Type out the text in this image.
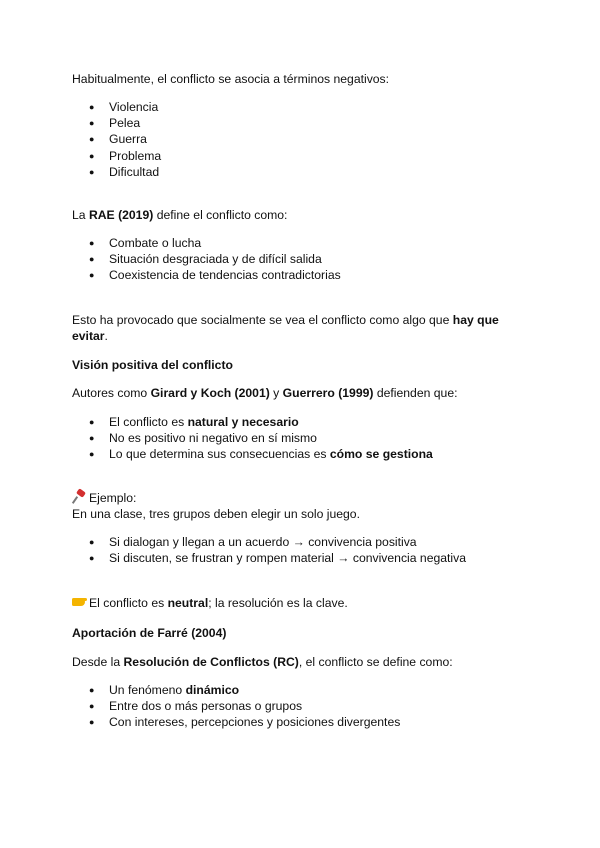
Habitualmente, el conflicto se asocia a términos negativos:

● Violencia
● Pelea
● Guerra
● Problema
● Dificultad

La RAE (2019) define el conflicto como:

● Combate o lucha
● Situación desgraciada y de difícil salida
● Coexistencia de tendencias contradictorias

Esto ha provocado que socialmente se vea el conflicto como algo que hay que

evitar.

Visión positiva del conflicto

Autores como Girard y Koch (2001) y Guerrero (1999) defienden que:

● El conflicto es natural y necesario
● No es positivo ni negativo en sí mismo
● Lo que determina sus consecuencias es cómo se gestiona

Ejemplo:

En una clase, tres grupos deben elegir un solo juego.

● Si dialogan y llegan a un acuerdo → convivencia positiva
● Si discuten, se frustran y rompen material → convivencia negativa

El conflicto es neutral; la resolución es la clave.

Aportación de Farré (2004)

Desde la Resolución de Conflictos (RC), el conflicto se define como:

● Un fenómeno dinámico
● Entre dos o más personas o grupos
● Con intereses, percepciones y posiciones divergentes
